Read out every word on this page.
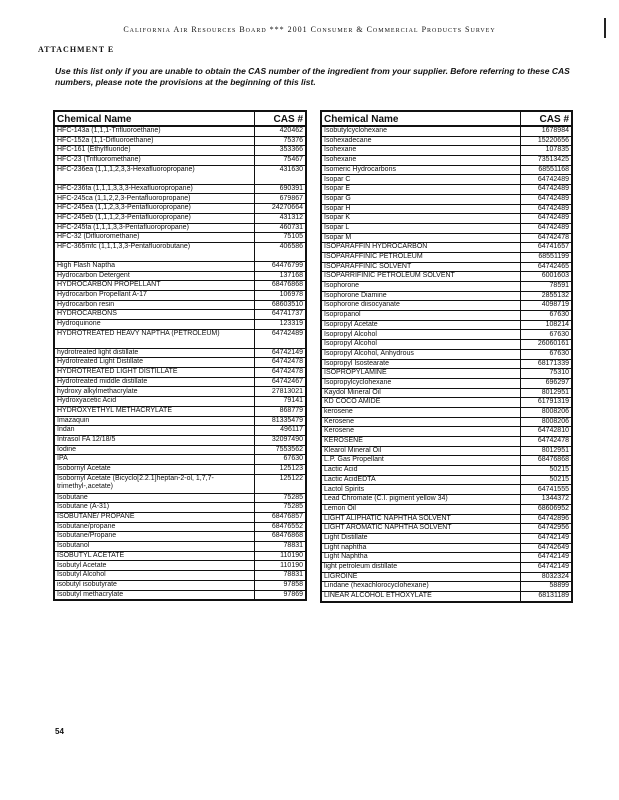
California Air Resources Board *** 2001 Consumer & Commercial Products Survey
ATTACHMENT E
Use this list only if you are unable to obtain the CAS number of the ingredient from your supplier. Before referring to these CAS numbers, please note the provisions at the beginning of this list.
Chemical Name	CAS #
HFC-143a (1,1,1-Trifluoroethane)	420462
HFC-152a (1,1-Difluoroethane)	75376
HFC-161 (Ethylfluoride)	353366
HFC-23 (Trifluoromethane)	75467
HFC-236ea (1,1,1,2,3,3-Hexafluoropropane)	431630
HFC-236fa (1,1,1,3,3,3-Hexafluoropropane)	690391
HFC-245ca (1,1,2,2,3-Pentafluoropropane)	679867
HFC-245ea (1,1,2,3,3-Pentafluoropropane)	24270664
HFC-245eb (1,1,1,2,3-Pentafluoropropane)	431312
HFC-245fa (1,1,1,3,3-Pentafluoropropane)	460731
HFC-32 (Difluoromethane)	75105
HFC-365mfc (1,1,1,3,3-Pentafluorobutane)	406586
High Flash Naptha	64476799
Hydrocarbon Detergent	137168
HYDROCARBON PROPELLANT	68476868
Hydrocarbon Propellant A-17	106978
Hydrocarbon resin	68603510
HYDROCARBONS	64741737
Hydroquinone	123319
HYDROTREATED HEAVY NAPTHA (PETROLEUM)	64742489
hydrotreated light distillate	64742149
Hydrotreated Light Distillate	64742478
HYDROTREATED LIGHT DISTILLATE	64742478
Hydrotreated middle distillate	64742467
hydroxy alkylmethacrylate	27813021
Hydroxyacetic Acid	79141
HYDROXYETHYL METHACRYLATE	868779
Imazaquin	81335479
Indan	496117
Intrasol FA 12/18/5	32097490
Iodine	7553562
IPA	67630
Isobornyl Acetate	125123
Isobornyl Acetate (Bicyclo[2.2.1]heptan-2-ol, 1,7,7-trimethyl-,acetate)	125122
Isobutane	75285
Isobutane (A-31)	75285
ISOBUTANE/ PROPANE	68476857
Isobutane/propane	68476552
Isobutane/Propane	68476868
Isobutanol	78831
ISOBUTYL ACETATE	110190
Isobutyl Acetate	110190
Isobutyl Alcohol	78831
isobutyl isobutyrate	97858
Isobutyl methacrylate	97869
Chemical Name	CAS #
Isobutylcyclohexane	1678984
Isohexadecane	15220656
Isohexane	107835
Isohexane	73513425
Isomeric Hydrocarbons	68551168
Isopar C	64742489
Isopar E	64742489
Isopar G	64742489
Isopar H	64742489
Isopar K	64742489
Isopar L	64742489
Isopar M	64742478
ISOPARAFFIN HYDROCARBON	64741657
ISOPARAFFINIC PETROLEUM	68551199
ISOPARAFFINIC SOLVENT	64742465
ISOPARRIFINIC PETROLEUM SOLVENT	6001603
Isophorone	78591
Isophorone Diamine	2855132
Isophorone diisocyanate	4098719
Isopropanol	67630
Isopropyl Acetate	108214
Isopropyl Alcohol	67630
Isopropyl Alcohol	26060161
Isopropyl Alcohol, Anhydrous	67630
Isopropyl Isostearate	68171339
ISOPROPYLAMINE	75310
Isopropylcyclohexane	696297
Kaydol Mineral Oil	8012951
KD COCO AMIDE	61791319
kerosene	8008206
Kerosene	8008206
Kerosene	64742810
KEROSENE	64742478
Klearol Mineral Oil	8012951
L.P. Gas Propellant	68476868
Lactic Acid	50215
Lactic AcidEDTA	50215
Lactol Spirits	64741555
Lead Chromate (C.I. pigment yellow 34)	1344372
Lemon Oil	68606952
LIGHT ALIPHATIC NAPHTHA SOLVENT	64742896
LIGHT AROMATIC NAPHTHA SOLVENT	64742956
Light Distillate	64742149
Light naphtha	64742649
Light Naphtha	64742149
light petroleum distillate	64742149
LIGROINE	8032324
Lindane (hexachlorocyclohexane)	58899
LINEAR ALCOHOL ETHOXYLATE	68131189
54
